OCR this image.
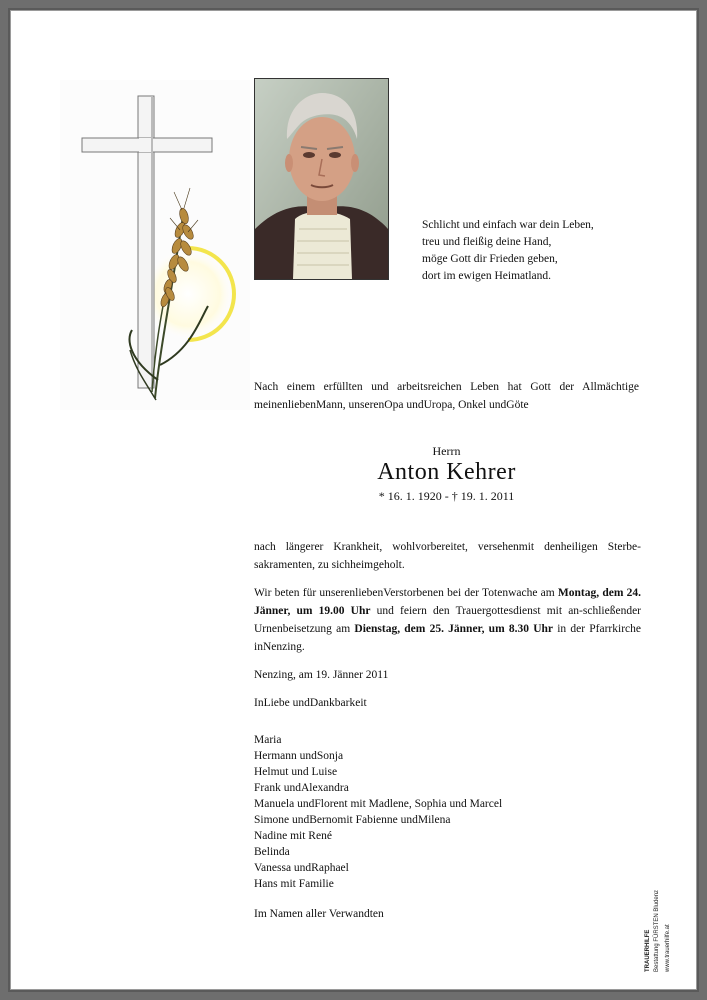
Schlicht und einfach war dein Leben,
treu und fleißig deine Hand,
möge Gott dir Frieden geben,
dort im ewigen Heimatland.
Nach einem erfüllten und arbeitsreichen Leben hat Gott der Allmächtige meinenliebenMann, unserenOpa undUropa, Onkel undGöte
Herrn
Anton Kehrer
* 16. 1. 1920 - † 19. 1. 2011

nach längerer Krankheit, wohlvorbereitet, versehenmit denheiligen Sterbe-sakramenten, zu sichheimgeholt.

Wir beten für unserenliebenVerstorbenen bei der Totenwache am Montag, dem 24. Jänner, um 19.00 Uhr und feiern den Trauergottesdienst mit an-schließender Urnenbeisetzung am Dienstag, dem 25. Jänner, um 8.30 Uhr in der Pfarrkirche inNenzing.

Nenzing, am 19. Jänner 2011

InLiebe undDankbarkeit

Maria
Hermann undSonja
Helmut und Luise
Frank undAlexandra
Manuela undFlorent mit Madlene, Sophia und Marcel
Simone undBernomit Fabienne undMilena
Nadine mit René
Belinda
Vanessa undRaphael
Hans mit Familie
Im Namen aller Verwandten
TRAUERHILFE Bestattung FÜRSTEN Bludenz www.trauerhilfe.at
